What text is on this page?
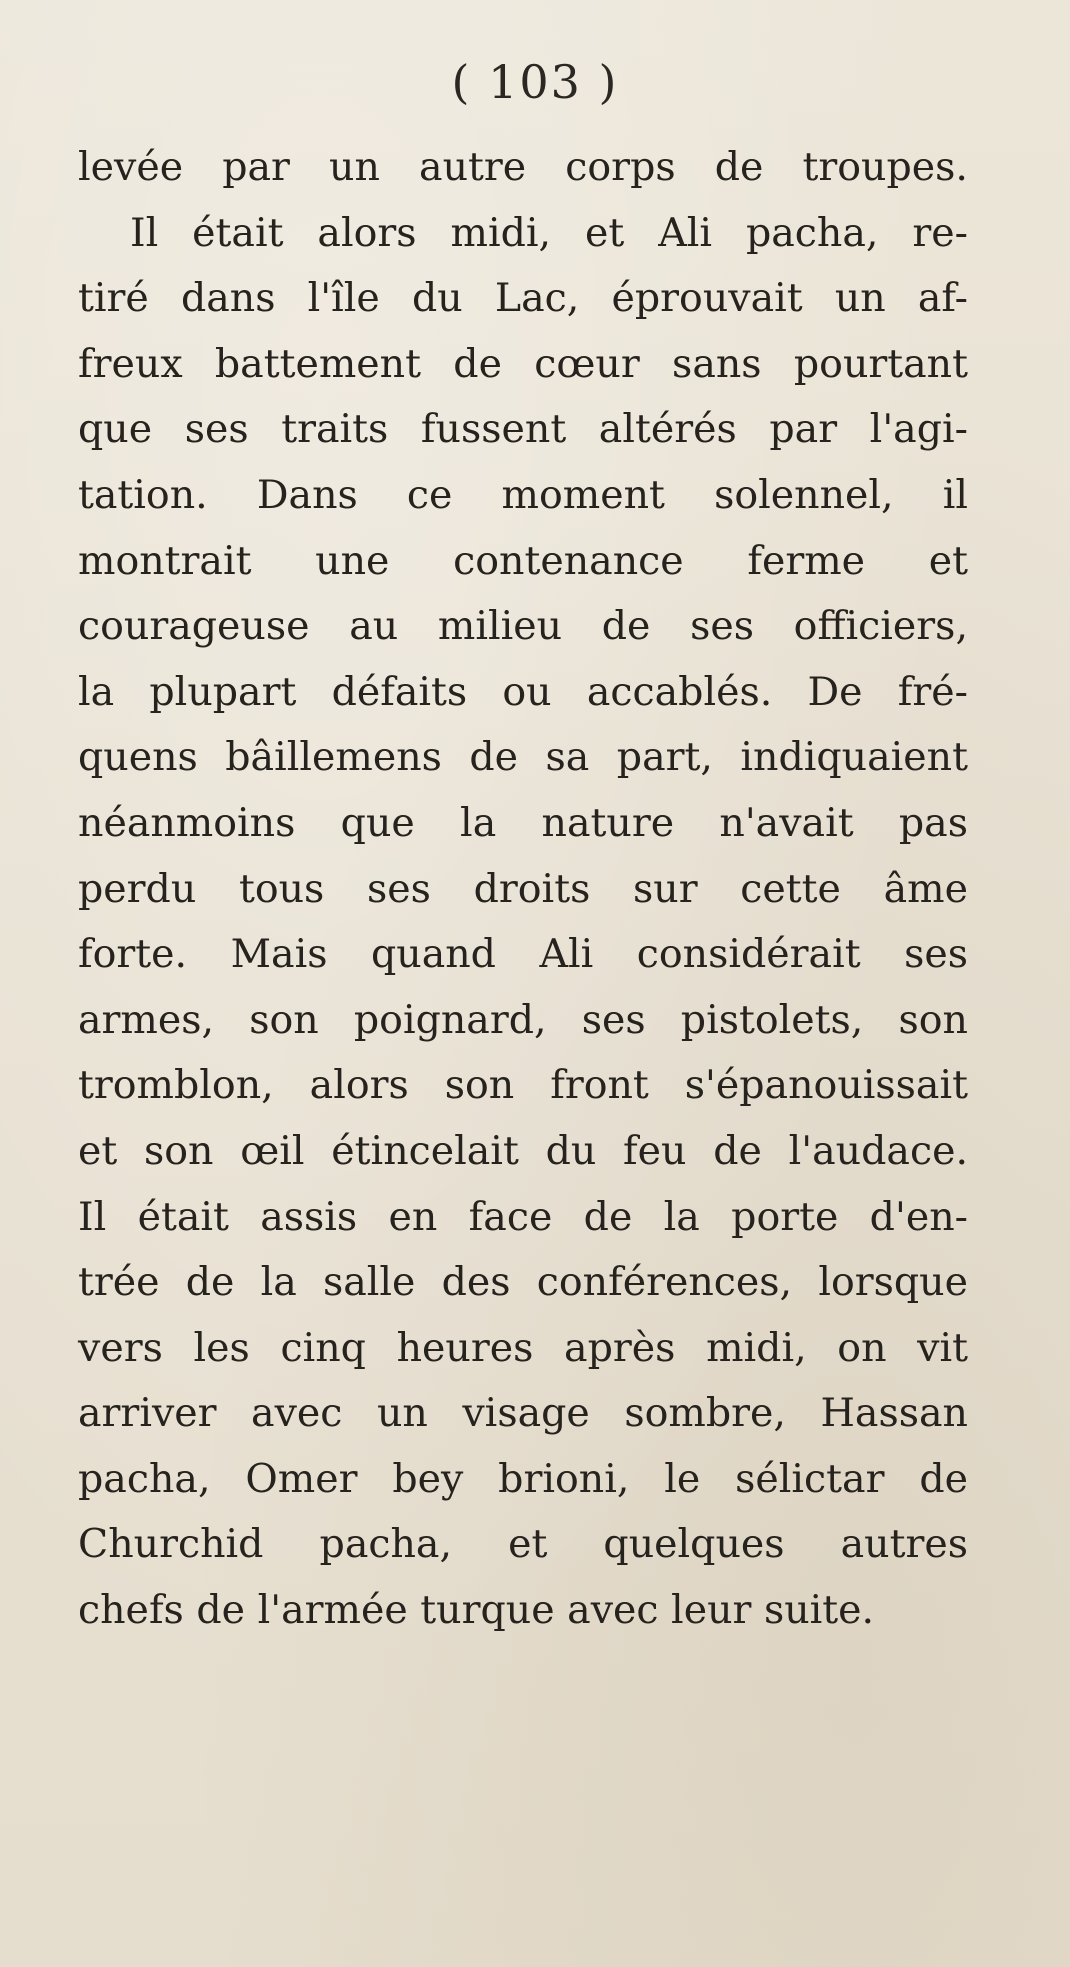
( 103 )
levée par un autre corps de troupes.
Il était alors midi, et Ali pacha, re-
tiré dans l'île du Lac, éprouvait un af-
freux battement de cœur sans pourtant
que ses traits fussent altérés par l'agi-
tation. Dans ce moment solennel, il
montrait une contenance ferme et
courageuse au milieu de ses officiers,
la plupart défaits ou accablés. De fré-
quens bâillemens de sa part, indiquaient
néanmoins que la nature n'avait pas
perdu tous ses droits sur cette âme
forte. Mais quand Ali considérait ses
armes, son poignard, ses pistolets, son
tromblon, alors son front s'épanouissait
et son œil étincelait du feu de l'audace.
Il était assis en face de la porte d'en-
trée de la salle des conférences, lorsque
vers les cinq heures après midi, on vit
arriver avec un visage sombre, Hassan
pacha, Omer bey brioni, le sélictar de
Churchid pacha, et quelques autres
chefs de l'armée turque avec leur suite.
